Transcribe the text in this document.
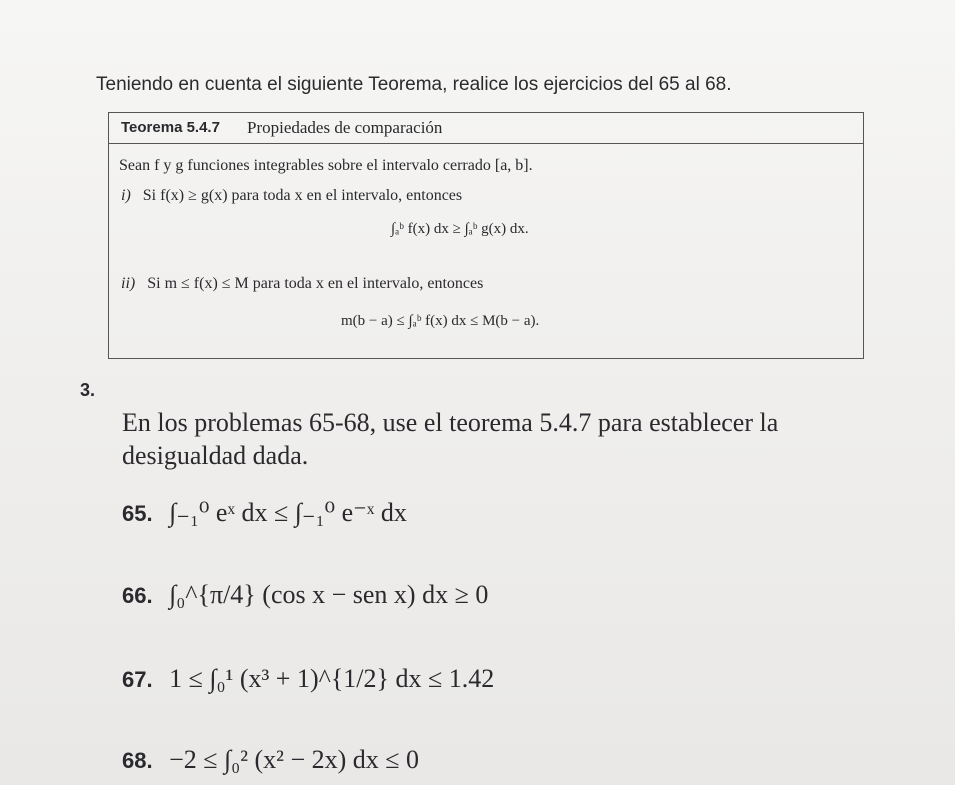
Teniendo en cuenta el siguiente Teorema, realice los ejercicios del 65 al 68.
Teorema 5.4.7 Propiedades de comparación
Sean f y g funciones integrables sobre el intervalo cerrado [a, b].
i) Si f(x) ≥ g(x) para toda x en el intervalo, entonces
∫ₐᵇ f(x) dx ≥ ∫ₐᵇ g(x) dx.
ii) Si m ≤ f(x) ≤ M para toda x en el intervalo, entonces
m(b − a) ≤ ∫ₐᵇ f(x) dx ≤ M(b − a).
3.
En los problemas 65-68, use el teorema 5.4.7 para establecer la desigualdad dada.
65. ∫₋₁⁰ eˣ dx ≤ ∫₋₁⁰ e⁻ˣ dx
66. ∫₀^{π/4} (cos x − sen x) dx ≥ 0
67. 1 ≤ ∫₀¹ (x³ + 1)^{1/2} dx ≤ 1.42
68. −2 ≤ ∫₀² (x² − 2x) dx ≤ 0
